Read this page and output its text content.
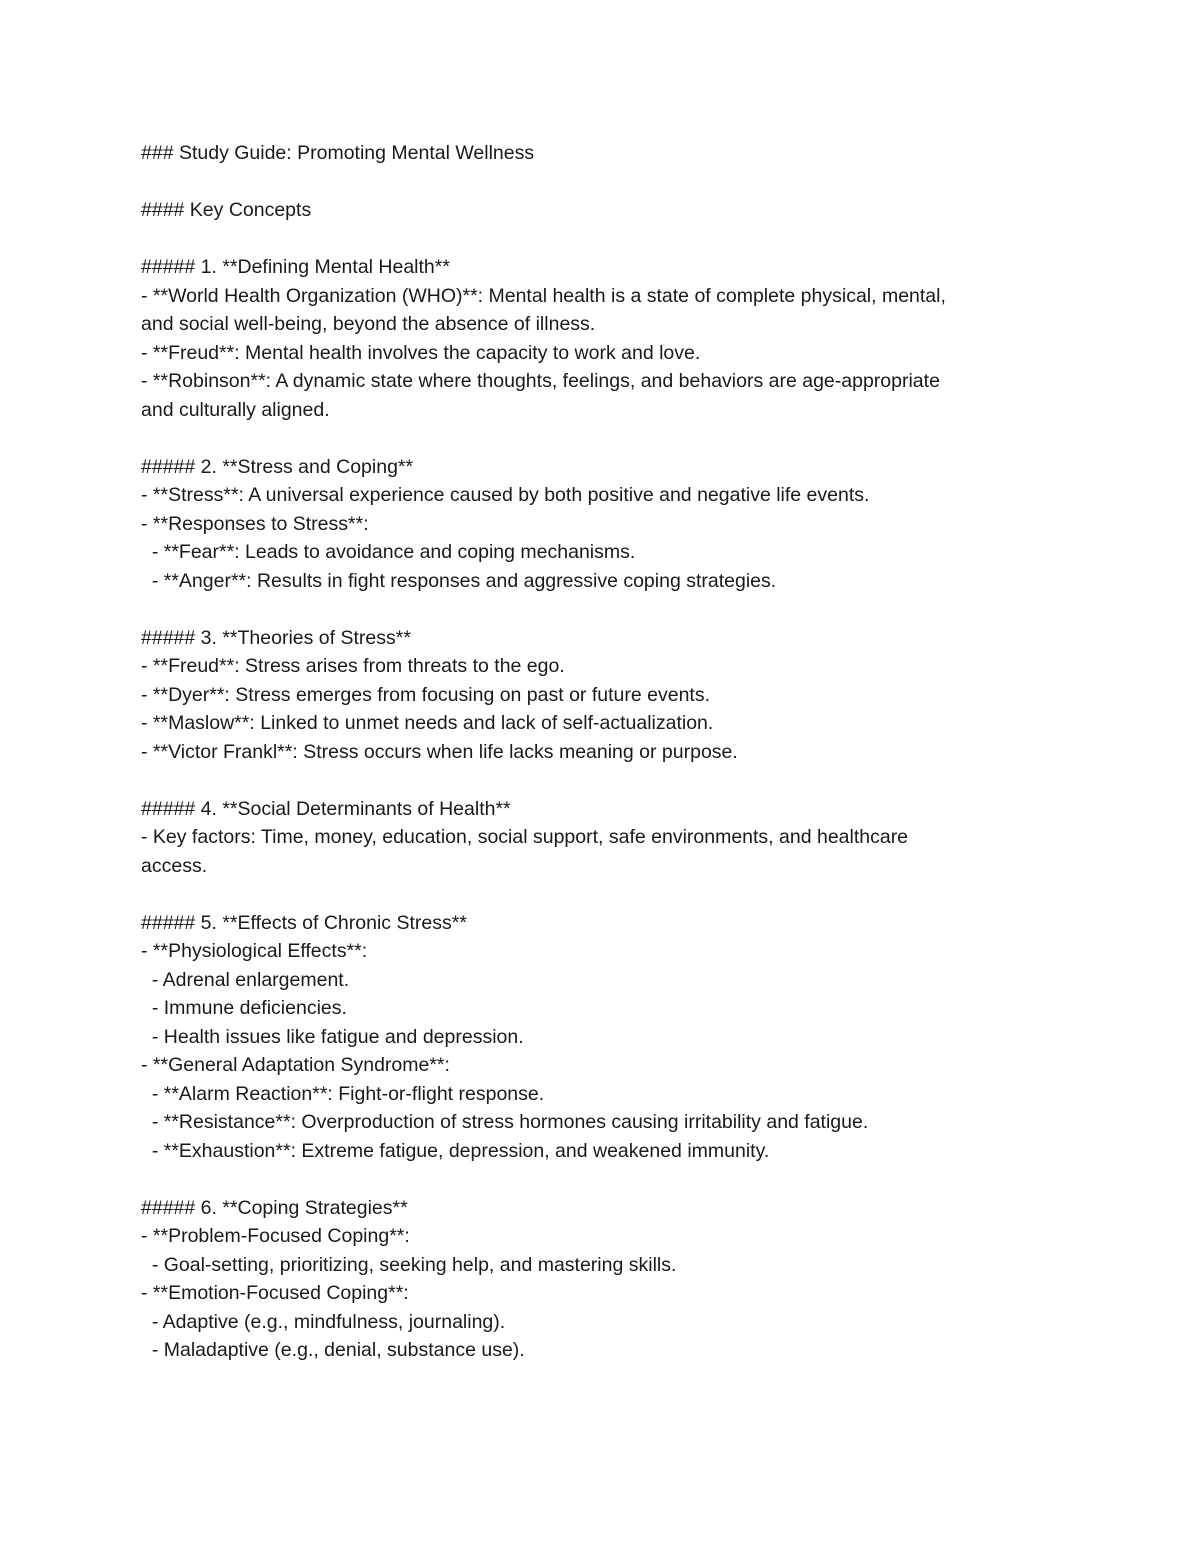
### Study Guide: Promoting Mental Wellness
#### Key Concepts
##### 1. **Defining Mental Health**
- **World Health Organization (WHO)**: Mental health is a state of complete physical, mental,
and social well-being, beyond the absence of illness.
- **Freud**: Mental health involves the capacity to work and love.
- **Robinson**: A dynamic state where thoughts, feelings, and behaviors are age-appropriate
and culturally aligned.
##### 2. **Stress and Coping**
- **Stress**: A universal experience caused by both positive and negative life events.
- **Responses to Stress**:
- **Fear**: Leads to avoidance and coping mechanisms.
- **Anger**: Results in fight responses and aggressive coping strategies.
##### 3. **Theories of Stress**
- **Freud**: Stress arises from threats to the ego.
- **Dyer**: Stress emerges from focusing on past or future events.
- **Maslow**: Linked to unmet needs and lack of self-actualization.
- **Victor Frankl**: Stress occurs when life lacks meaning or purpose.
##### 4. **Social Determinants of Health**
- Key factors: Time, money, education, social support, safe environments, and healthcare
access.
##### 5. **Effects of Chronic Stress**
- **Physiological Effects**:
- Adrenal enlargement.
- Immune deficiencies.
- Health issues like fatigue and depression.
- **General Adaptation Syndrome**:
- **Alarm Reaction**: Fight-or-flight response.
- **Resistance**: Overproduction of stress hormones causing irritability and fatigue.
- **Exhaustion**: Extreme fatigue, depression, and weakened immunity.
##### 6. **Coping Strategies**
- **Problem-Focused Coping**:
- Goal-setting, prioritizing, seeking help, and mastering skills.
- **Emotion-Focused Coping**:
- Adaptive (e.g., mindfulness, journaling).
- Maladaptive (e.g., denial, substance use).
